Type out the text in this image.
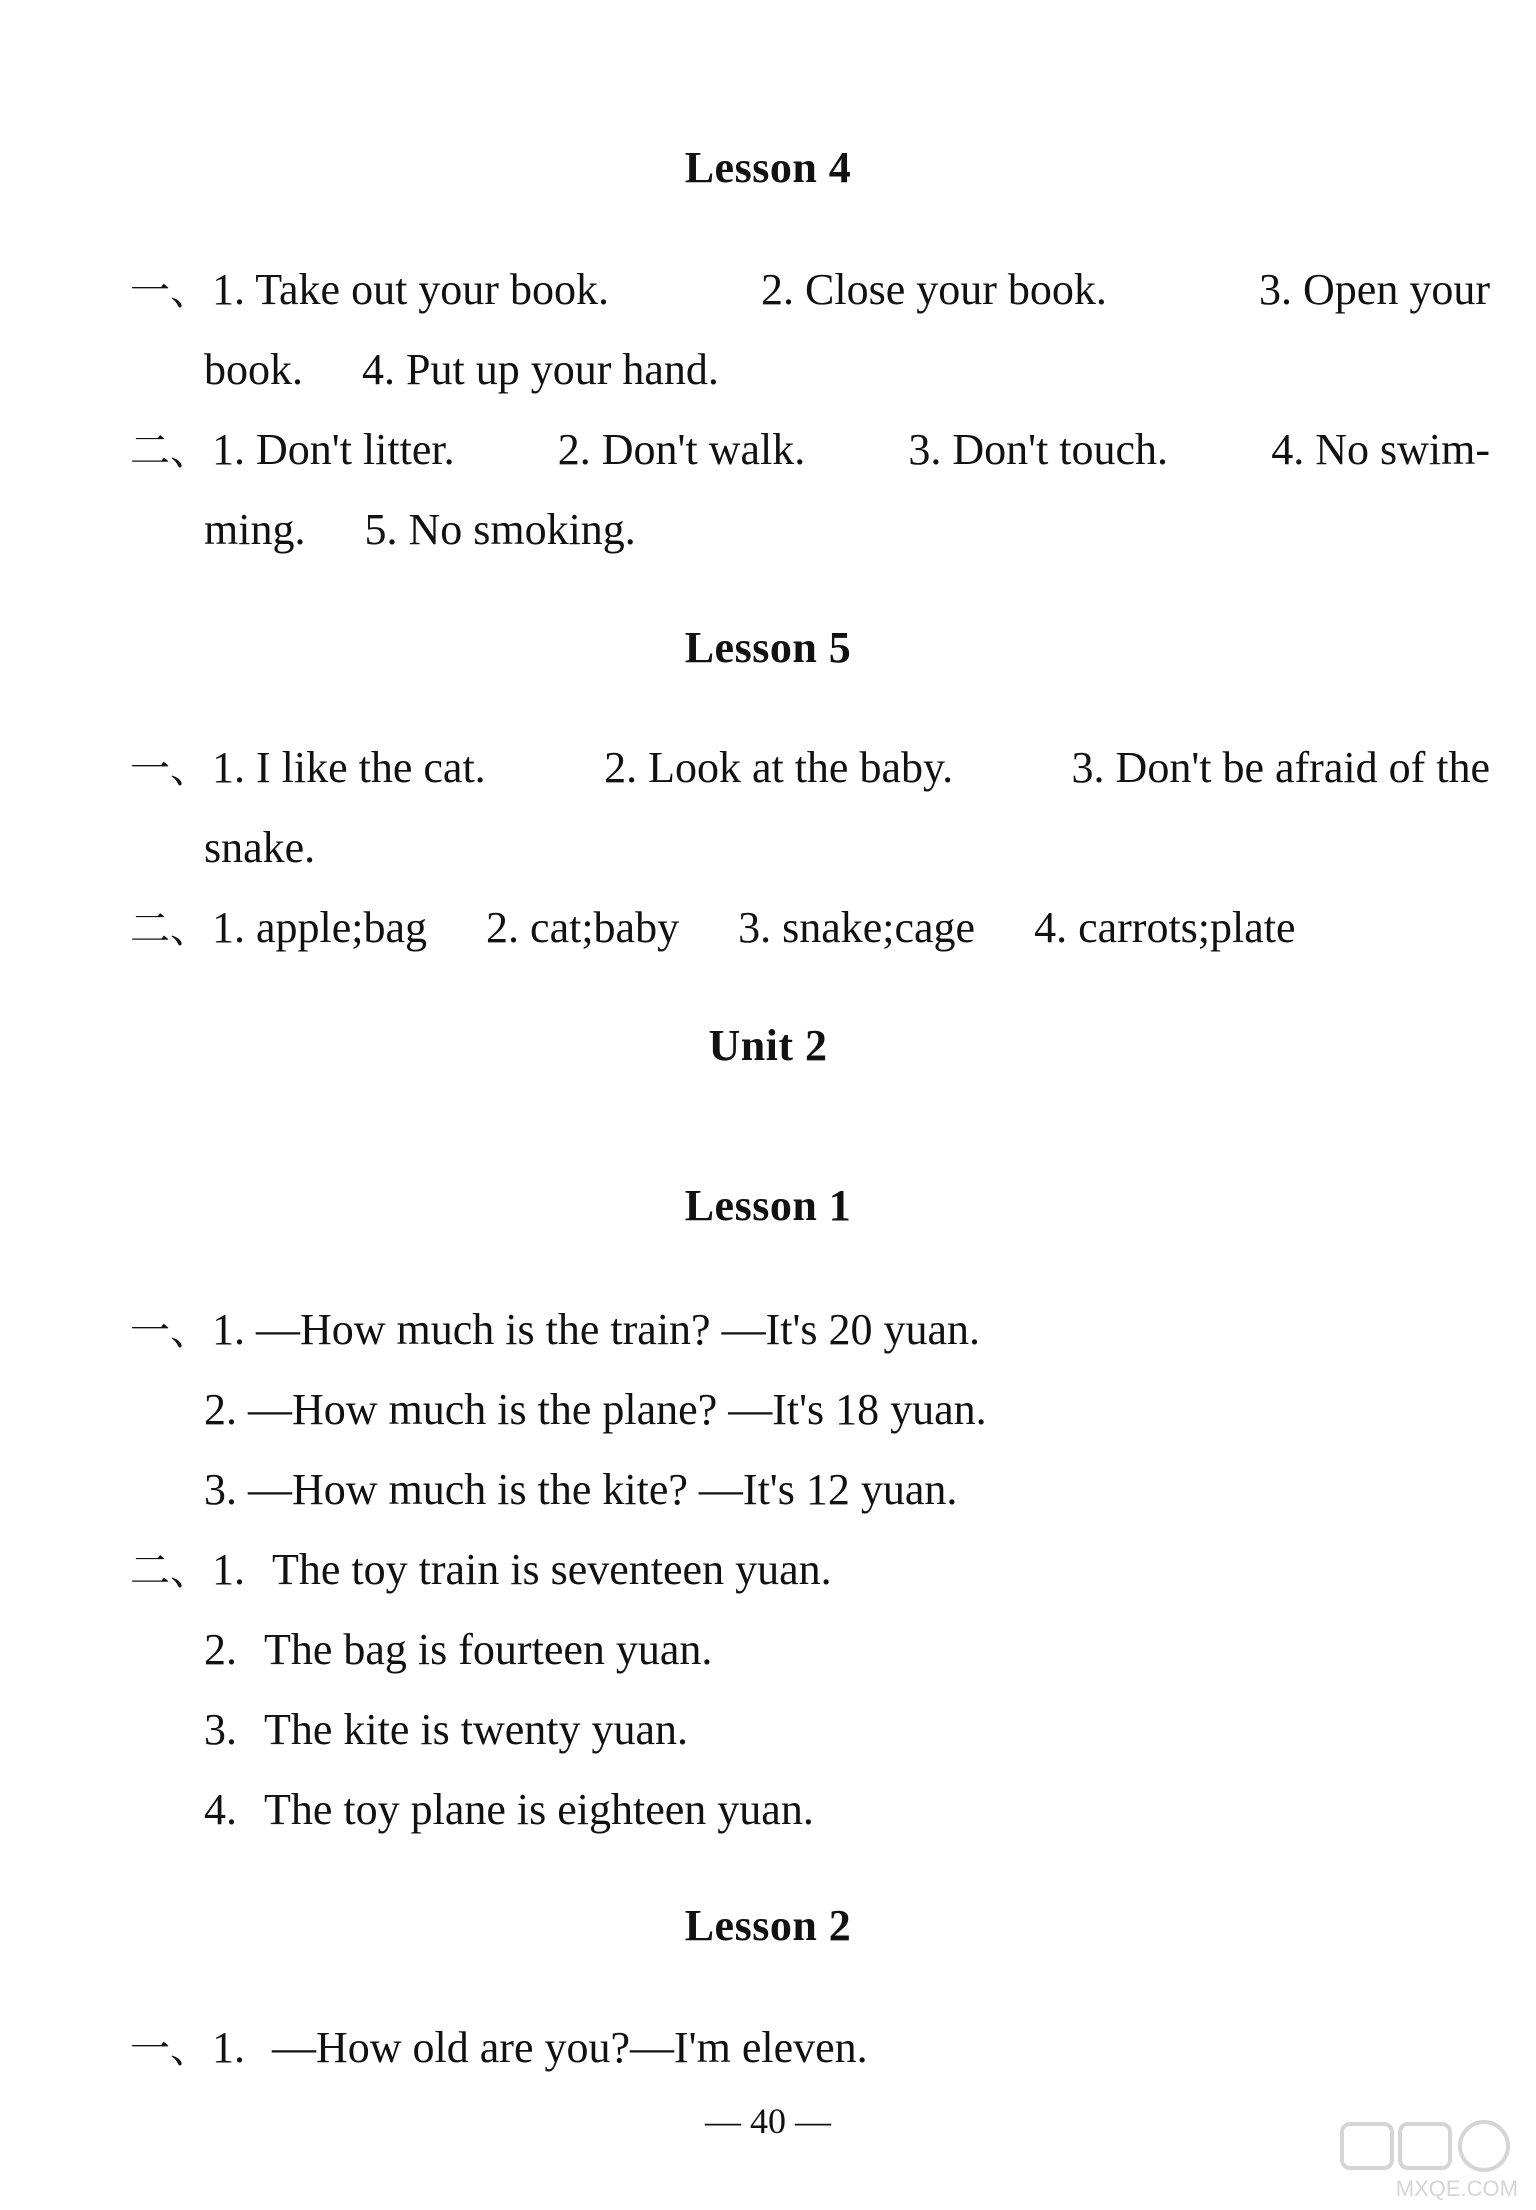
Lesson 4
一、1. Take out your book.	2. Close your book.	3. Open your
book. 4. Put up your hand.
二、1. Don't litter. 2. Don't walk. 3. Don't touch. 4. No swim-
ming. 5. No smoking.
Lesson 5
一、1. I like the cat.	2. Look at the baby.	3. Don't be afraid of the
snake.
二、1. apple;bag 2. cat;baby 3. snake;cage 4. carrots;plate
Unit 2
Lesson 1
一、1. —How much is the train? —It's 20 yuan.
2. —How much is the plane? —It's 18 yuan.
3. —How much is the kite? —It's 12 yuan.
二、1. The toy train is seventeen yuan.
2. The bag is fourteen yuan.
3. The kite is twenty yuan.
4. The toy plane is eighteen yuan.
Lesson 2
一、1. —How old are you?—I'm eleven.
— 40 —
MXQE.COM
